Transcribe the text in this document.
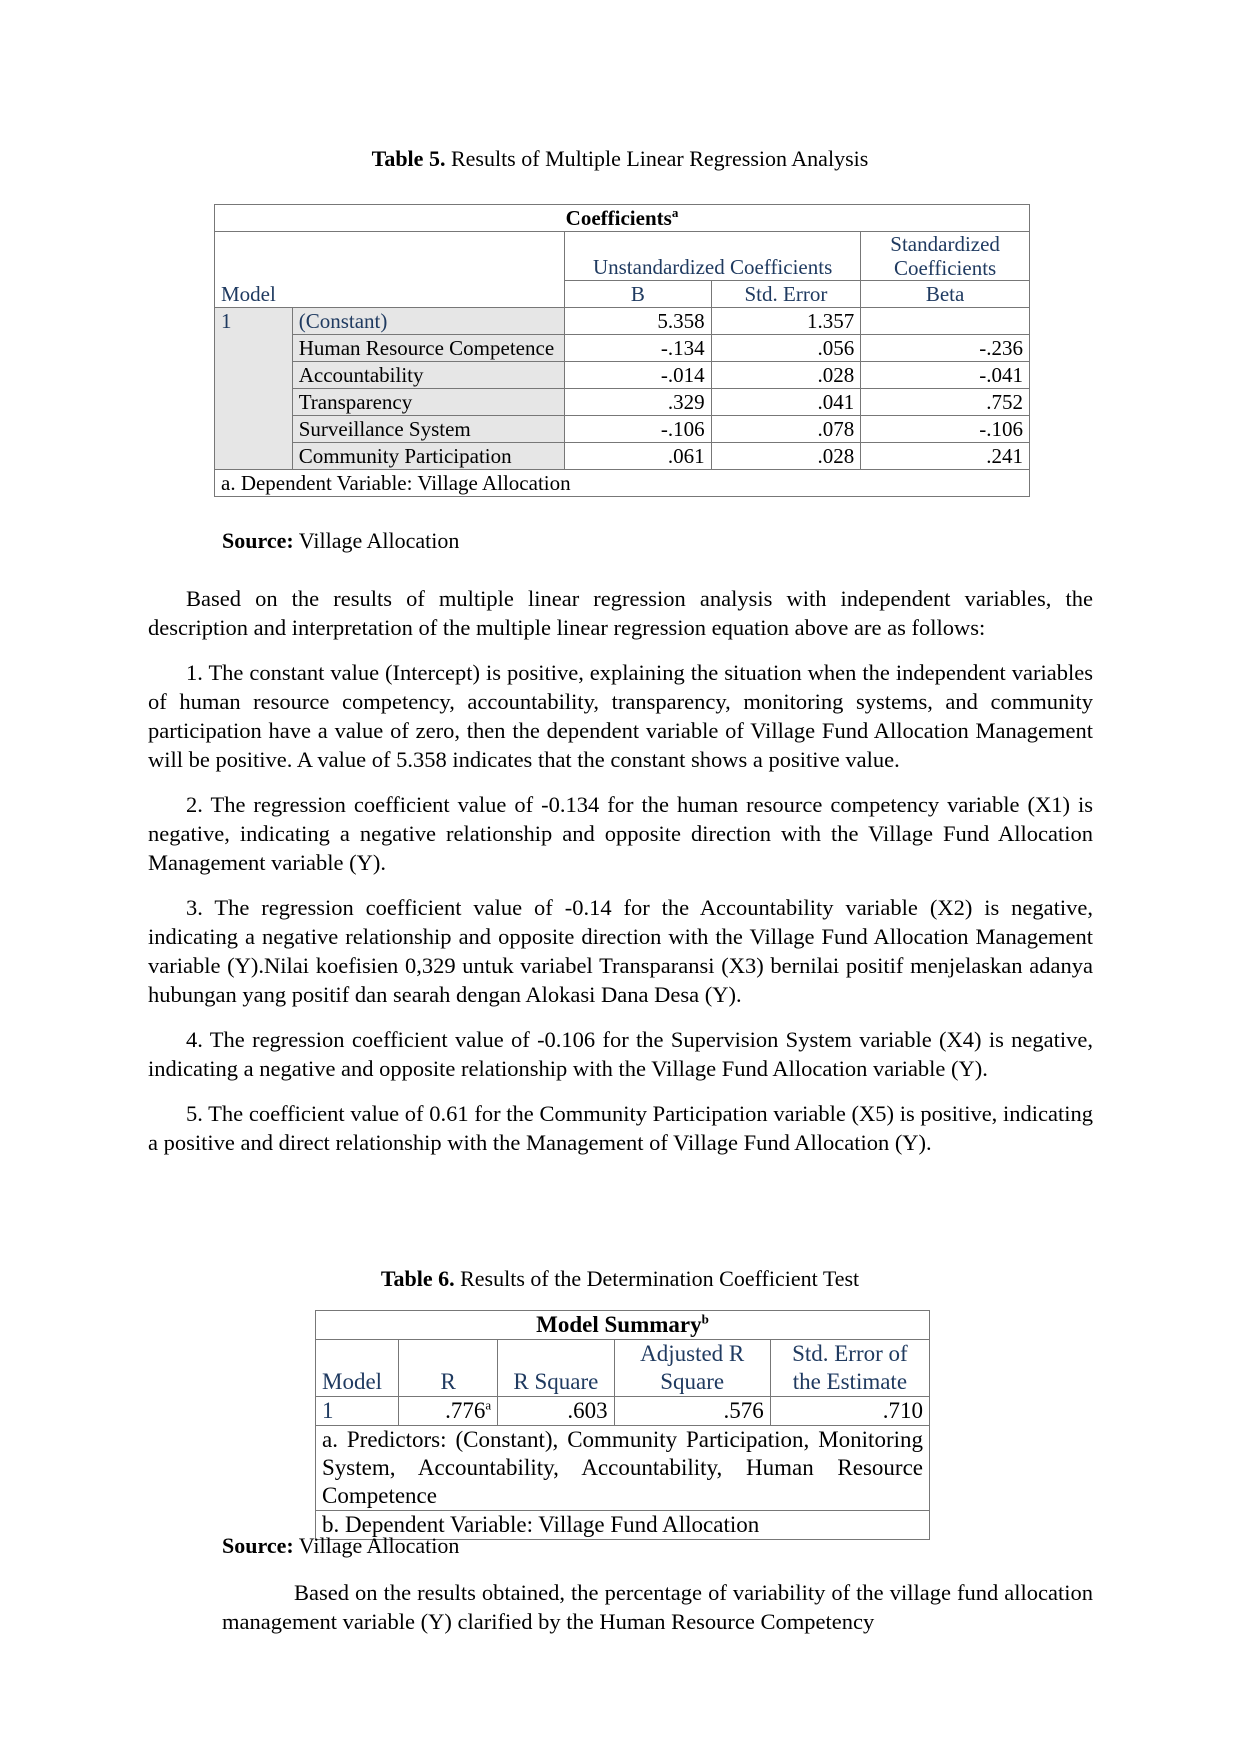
Table 5. Results of Multiple Linear Regression Analysis
Coefficients$^a$
Model		Unstandardized Coefficients		Standardized Coefficients
		B	Std. Error	Beta
1	(Constant)	5.358	1.357	
	Human Resource Competence	-.134	.056	-.236
	Accountability	-.014	.028	-.041
	Transparency	.329	.041	.752
	Surveillance System	-.106	.078	-.106
	Community Participation	.061	.028	.241
a. Dependent Variable: Village Allocation				
Source: Village Allocation

Based on the results of multiple linear regression analysis with independent variables, the description and interpretation of the multiple linear regression equation above are as follows:

1. The constant value (Intercept) is positive, explaining the situation when the independent variables of human resource competency, accountability, transparency, monitoring systems, and community participation have a value of zero, then the dependent variable of Village Fund Allocation Management will be positive. A value of 5.358 indicates that the constant shows a positive value.

2. The regression coefficient value of -0.134 for the human resource competency variable (X1) is negative, indicating a negative relationship and opposite direction with the Village Fund Allocation Management variable (Y).

3. The regression coefficient value of -0.14 for the Accountability variable (X2) is negative, indicating a negative relationship and opposite direction with the Village Fund Allocation Management variable (Y).Nilai koefisien 0,329 untuk variabel Transparansi (X3) bernilai positif menjelaskan adanya hubungan yang positif dan searah dengan Alokasi Dana Desa (Y).

4. The regression coefficient value of -0.106 for the Supervision System variable (X4) is negative, indicating a negative and opposite relationship with the Village Fund Allocation variable (Y).

5. The coefficient value of 0.61 for the Community Participation variable (X5) is positive, indicating a positive and direct relationship with the Management of Village Fund Allocation (Y).

Table 6. Results of the Determination Coefficient Test
Model Summary$^b$
Model	R	R Square	Adjusted R Square	Std. Error of the Estimate
1	.776$^a$	.603	.576	.710
a. Predictors: (Constant), Community Participation, Monitoring System, Accountability, Accountability, Human Resource Competence				
b. Dependent Variable: Village Fund Allocation				
Source: Village Allocation

Based on the results obtained, the percentage of variability of the village fund allocation management variable (Y) clarified by the Human Resource Competency
